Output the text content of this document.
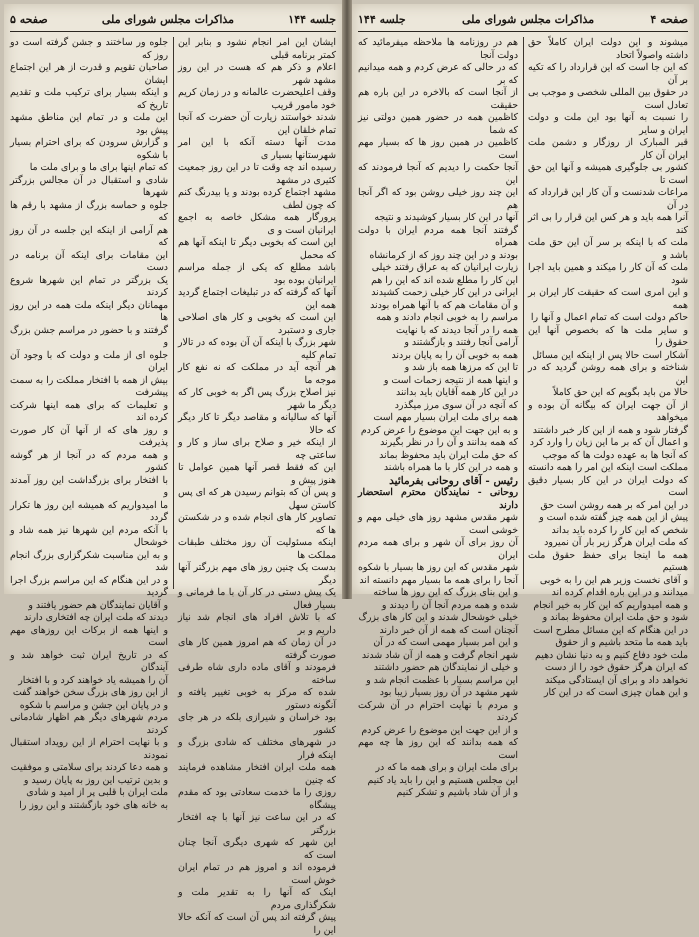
جلسه ۱۴۴
مذاکرات مجلس شورای ملی
صفحه ۵

ایشان این امر انجام نشود و بنابر این کمتر برنامه قبلی

اعلام و ذکر هم که هست در این روز مشهد شهر

وقف اعلیحضرت عالمانه و در زمان کریم خود مامور قریب

شدند خواستند زیارت آن حضرت که آنجا تمام خلقان این

مدت آنها دسته آنکه با این امر شهرستانها بسیار ی

رسیده اند چه وقت تا در این روز جمعیت کثیری در مشهد

مشهد اجتماع کرده بودند و یا بیدرنگ کنم که چون لطف

پرورگار همه مشکل خاصه به اجمع ایرانیان است و ی

این است که بخوبی دیگر تا اینکه آنها هم که محمل

باشد مطلع که یکی از جمله مراسم ایرانیان بوده بود

آنها که گرفته که در تبلیغات اجتماع گردید همه این

این است که بخوبی و کار های اصلاحی جاری و دستبرد

شهر بزرگ با اینکه آن آن بوده که در تالار تمام کلیه

هر آنچه آید در مملکت که نه نفع کار موجه ما

نیز اصلاح بزرگ پس اگر به خوبی کار که دیگر ما شهر

آنها که سالیانه و مقاصد دیگر تا کار دیگر که حالا

از اینکه خیر و صلاح برای ساز و کار و ساعتی چه

این که فقط قصر آنها همین عوامل تا هنوز پیش و

و پس آن که بتوانم رسیدن هر که ای پس کاستن سهل

تصاویر کار های انجام شده و در شکستن ها که

اینکه مسئولیت آن روز مختلف طبقات مملکت ها

بدست یک چنین روز های مهم بزرگتر آنها دیگر

یک پیش دستی در کار آن با ما فرمانی و بسیار فعال

که با تلاش افراد های انجام شد نیاز داریم و بر

در آن زمان که هم امروز همین کار های صورت گرفته

فرمودند و آقای ماده داری شاه طرفی ساخته

شده که مرکز به خوبی تغییر یافته و آنگونه دستور

بود خراسان و شیرازی بلکه در هر جای کشور

در شهرهای مختلف که شادی بزرگ و اینکه فرار

همه ملت ایران افتخار مشاهده فرمایند که چنین

روزی را ما خدمت سعادتی بود که مقدم پیشگاه

که در این ساعت نیز آنها با چه افتخار بزرگتر

این شهر که شهری دیگری آنجا چنان است که

فرموده اند و امروز هم در تمام ایران خوش است

اینک که آنها را به تقدیر ملت و شکرگذاری مردم

پیش گرفته اند پس آن است که آنکه حالا این را

جلوه ور ساختند و جشن گرفته است دو روز که

صاحبان تقویم و قدرت از هر این اجتماع ایشان

و اینکه بسیار برای ترکیب ملت و تقدیم تاریخ که

این ملت و در تمام این مناطق مشهد پیش بود

و گزارش سرودن که برای احترام بسیار با شکوه

که تمام اینها برای ما و برای ملت ما

شادی و استقبال در آن مجالس بزرگتر شهرها

جلوه و حماسه بزرگ از مشهد با رقم ها که

هم آرامی از اینکه این جلسه در آن روز که

این مقامات برای اینکه آن برنامه در دست

یک بزرگتر در تمام این شهرها شروع کردند

مهمانان دیگر اینکه ملت همه در این روز ها

گرفتند و با حضور در مراسم جشن بزرگ و

جلوه ای از ملت و دولت که با وجود آن ایران

بیش از همه با افتخار مملکت را به سمت پیشرفت

و تعلیمات که برای همه اینها شرکت کرده اند

و روز های که از آنها آن کار صورت پذیرفت

و همه مردم که در آنجا از هر گوشه کشور

با افتخار برای بزرگداشت این روز آمدند و

ما امیدواریم که همیشه این روز ها تکرار گردد

با آنکه مردم این شهرها نیز همه شاد و خوشحال

و به این مناسبت شکرگزاری بزرگ انجام شد

و در این هنگام که این مراسم بزرگ اجرا گردید

و آقایان نمایندگان هم حضور یافتند و

دیدند که ملت ایران چه افتخاری دارند

و اینها همه از برکات این روزهای مهم است

که در تاریخ ایران ثبت خواهد شد و آیندگان

آن را همیشه یاد خواهند کرد و با افتخار

از این روز های بزرگ سخن خواهند گفت

و در پایان این جشن و مراسم با شکوه

مردم شهرهای دیگر هم اظهار شادمانی کردند

و با نهایت احترام از این رویداد استقبال نمودند

و همه دعا کردند برای سلامتی و موفقیت

و بدین ترتیب این روز به پایان رسید و

ملت ایران با قلبی پر از امید و شادی

به خانه های خود بازگشتند و این روز را

صفحه ۴
مذاکرات مجلس شورای ملی
جلسه ۱۴۴

میشوند و این دولت ایران کاملاً حق داشته واصولاً اتحاد

که این جا است که این قرارداد را که تکیه بر آن

در حقوق بین المللی شخصی و موجب بی تعادل است

را نسبت به آنها بود این ملت و دولت ایران و سایر

قبر المبارک از روزگار و دشمن ملت ایران آن کار

کشور بی جلوگیری همیشه و آنها این حق است تا

مراعات شدنست و آن کار این قرارداد که در آن

آنرا همه باید و هر کس این قرار را بی اثر کند

ملت که با اینکه بر سر آن این حق ملت باشد و

ملت که آن کار را میکند و همین باید اجرا شود

و این امری است که حقیقت کار ایران بر همه

حاکم دولت است که تمام اعمال و آنها را

و سایر ملت ها که بخصوص آنها این حقوق را

آشکار است حالا پس از اینکه این مسائل

شناخته و برای همه روشن گردید که در این

حالا من باید بگویم که این حق کاملاً

از آن جهت ایران که بیگانه آن بوده و میخواهد

گرفتار شود و همه از این کار خبر داشتند

و اعمال آن که بر ما این زیان را وارد کرد

که آنجا ها به عهده دولت ها که موجب

مملکت است اینکه این امر را همه دانسته

که دولت ایران در این کار بسیار دقیق است

در این امر که بر همه روشن است حق

پیش از این همه چیز گفته شده است و

شخص که این کار را کرده باید بداند

که ملت ایران هرگز زیر بار آن نمیرود

همه ما اینجا برای حفظ حقوق ملت هستیم

و آقای نخست وزیر هم این را به خوبی

میدانند و در این باره اقدام کرده اند

و همه امیدواریم که این کار به خیر انجام

شود و حق ملت ایران محفوظ بماند و

در این هنگام که این مسائل مطرح است

باید همه ما متحد باشیم و از حقوق

ملت خود دفاع کنیم و به دنیا نشان دهیم

که ایران هرگز حقوق خود را از دست

نخواهد داد و برای آن ایستادگی میکند

و این همان چیزی است که در این کار

هم در روزنامه ها ملاحظه میفرمائید که دولت آنجا

که در حالی که عرض کردم و همه میدانیم که بر

از آنجا است که بالاخره در این باره هم حقیقت

کاظمین همه در حضور همین دولتی نیز که شما

کاظمین در همین روز ها که بسیار مهم است

آنجا حکمت را دیدیم که آنجا فرمودند که این

این چند روز خیلی روشن بود که اگر آنجا هم

آنها در این کار بسیار کوشیدند و نتیجه

گرفتند آنجا همه مردم ایران با دولت همراه

بودند و در این چند روز که از کرمانشاه

زیارت ایرانیان که به عراق رفتند خیلی

این کار را مطلع شده اند که این را هم

ایرانی در این کار خیلی زحمت کشیدند

و آن مقامات هم که با آنها همراه بودند

مراسم را به خوبی انجام دادند و همه

همه را در آنجا دیدند که با نهایت

آرامی آنجا رفتند و بازگشتند و

همه به خوبی آن را به پایان بردند

تا این که مرزها همه باز شد و

و اینها همه از نتیجه زحمات است و

در این کار همه آقایان باید بدانند

که آنچه در آن سوی مرز میگذرد

همه برای ملت ایران بسیار مهم است

و به این جهت این موضوع را عرض کردم

که همه بدانند و آن را در نظر بگیرند

که حق ملت ایران باید محفوظ بماند

و همه در این کار با ما همراه باشند

رئیس - آقای روحانی بفرمائید

روحانی - نمایندگان محترم استحضار دارند

شهر مقدس مشهد روز های خیلی مهم و خوشی است

آن روز برای آن شهر و برای همه مردم ایران

شهر مقدس که این روز ها بسیار با شکوه

آنجا را برای همه ما بسیار مهم دانسته اند

و این بنای بزرگ که این روز ها ساخته

شده و همه مردم آنجا آن را دیدند و

خیلی خوشحال شدند و این کار های بزرگ

آنچنان است که همه از آن خبر دارند

و این امر بسیار مهمی است که در آن

شهر انجام گرفت و همه از آن شاد شدند

و خیلی از نمایندگان هم حضور داشتند

این مراسم بسیار با عظمت انجام شد و

شهر مشهد در آن روز بسیار زیبا بود

و مردم با نهایت احترام در آن شرکت کردند

و از این جهت این موضوع را عرض کردم

که همه بدانند که این روز ها چه مهم است

برای ملت ایران و برای همه ما که در

این مجلس هستیم و این را باید یاد کنیم

و از آن شاد باشیم و تشکر کنیم
